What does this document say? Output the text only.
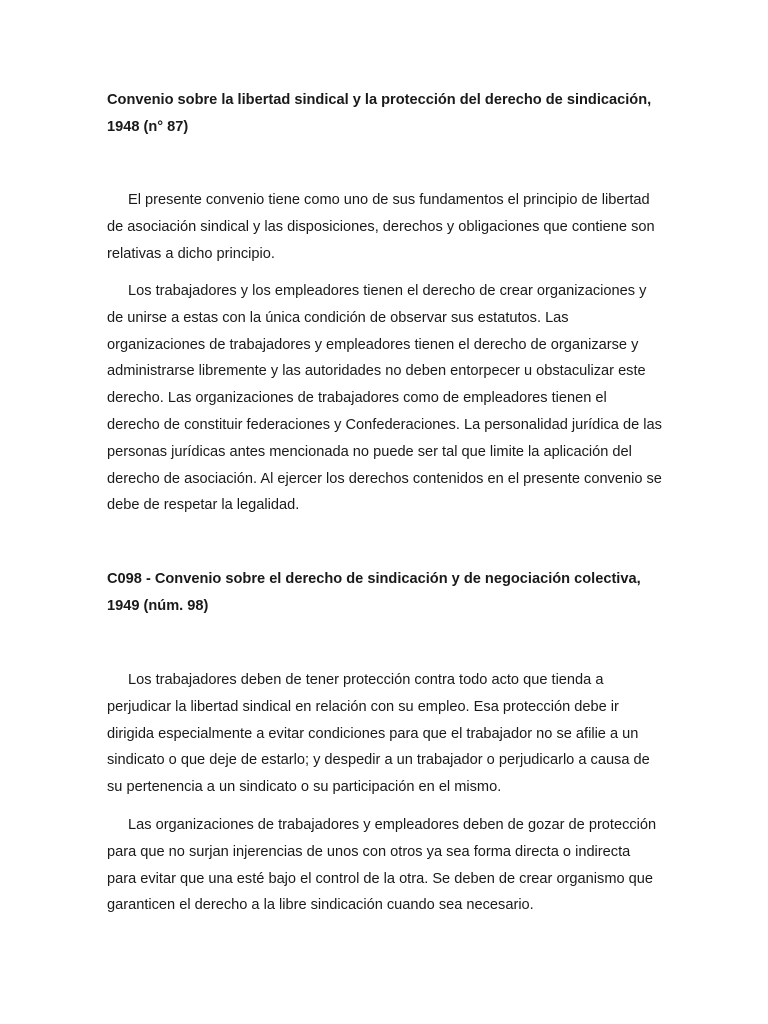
Convenio sobre la libertad sindical y la protección del derecho de sindicación, 1948 (n° 87)

El presente convenio tiene como uno de sus fundamentos el principio de libertad de asociación sindical y las disposiciones, derechos y obligaciones que contiene son relativas a dicho principio.

Los trabajadores y los empleadores tienen el derecho de crear organizaciones y de unirse a estas con la única condición de observar sus estatutos. Las organizaciones de trabajadores y empleadores tienen el derecho de organizarse y administrarse libremente y las autoridades no deben entorpecer u obstaculizar este derecho. Las organizaciones de trabajadores como de empleadores tienen el derecho de constituir federaciones y Confederaciones. La personalidad jurídica de las personas jurídicas antes mencionada no puede ser tal que limite la aplicación del derecho de asociación. Al ejercer los derechos contenidos en el presente convenio se debe de respetar la legalidad.

C098 - Convenio sobre el derecho de sindicación y de negociación colectiva, 1949 (núm. 98)

Los trabajadores deben de tener protección contra todo acto que tienda a perjudicar la libertad sindical en relación con su empleo. Esa protección debe ir dirigida especialmente a evitar condiciones para que el trabajador no se afilie a un sindicato o que deje de estarlo; y despedir a un trabajador o perjudicarlo a causa de su pertenencia a un sindicato o su participación en el mismo.

Las organizaciones de trabajadores y empleadores deben de gozar de protección para que no surjan injerencias de unos con otros ya sea forma directa o indirecta para evitar que una esté bajo el control de la otra. Se deben de crear organismo que garanticen el derecho a la libre sindicación cuando sea necesario.
